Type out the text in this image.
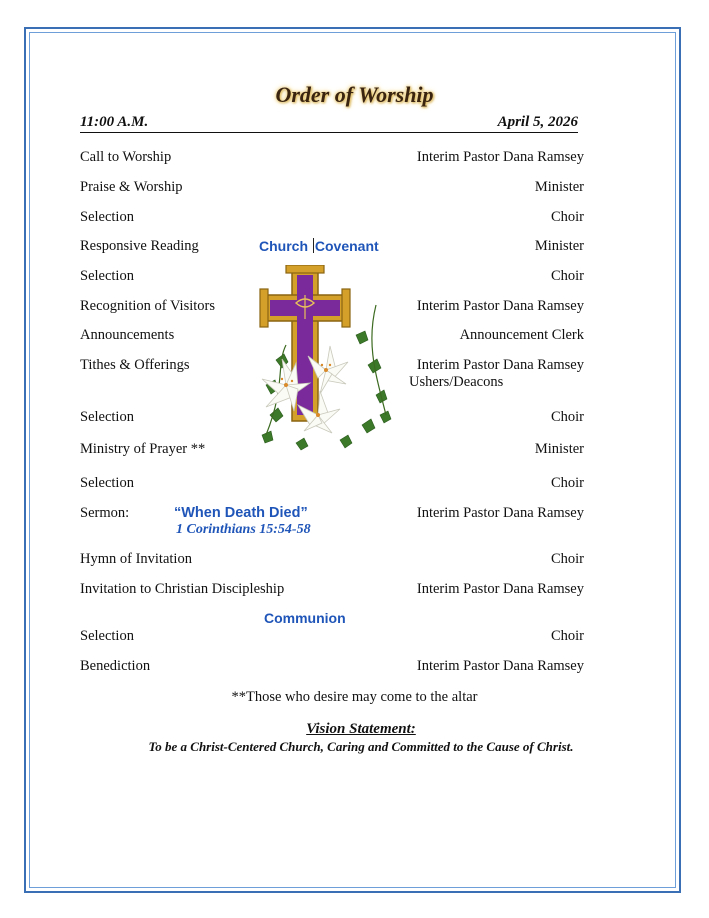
Order of Worship
11:00 A.M.	April 5, 2026
Call to Worship	Interim Pastor Dana Ramsey
Praise & Worship	Minister
Selection	Choir
Responsive Reading	Minister
Church Covenant
Selection	Choir
Recognition of Visitors	Interim Pastor Dana Ramsey
Announcements	Announcement Clerk
Tithes & Offerings	Interim Pastor Dana Ramsey
Ushers/Deacons
Selection	Choir
Ministry of Prayer **	Minister
Selection	Choir
Sermon:	Interim Pastor Dana Ramsey
“When Death Died”
1 Corinthians 15:54-58
Hymn of Invitation	Choir
Invitation to Christian Discipleship	Interim Pastor Dana Ramsey
Communion
Selection	Choir
Benediction	Interim Pastor Dana Ramsey
**Those who desire may come to the altar
Vision Statement:
To be a Christ-Centered Church, Caring and Committed to the Cause of Christ.
